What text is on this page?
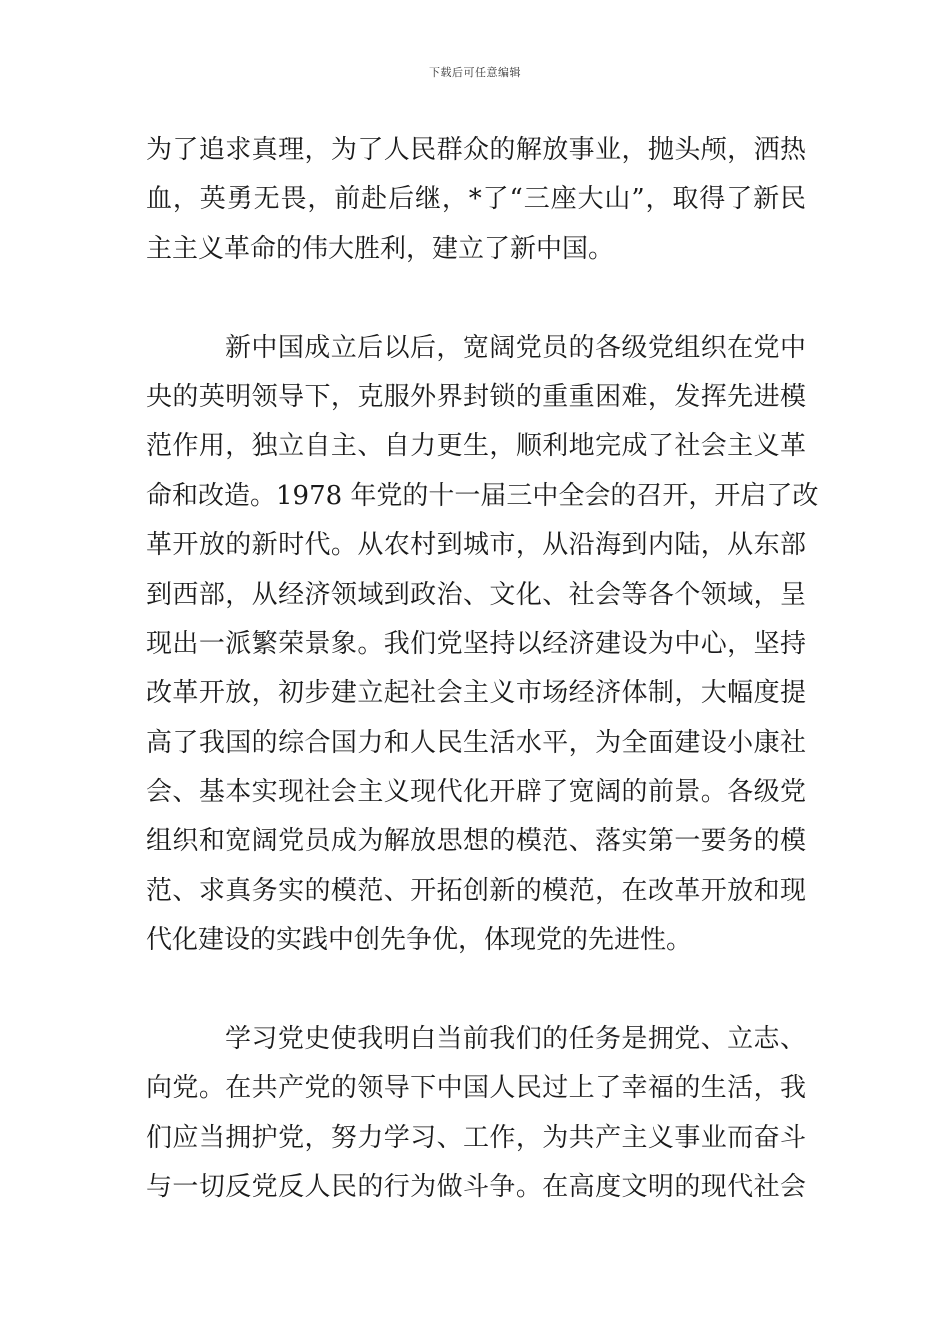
下载后可任意编辑
为了追求真理，为了人民群众的解放事业，抛头颅，洒热
血，英勇无畏，前赴后继，*了“三座大山”，取得了新民
主主义革命的伟大胜利，建立了新中国。
新中国成立后以后，宽阔党员的各级党组织在党中
央的英明领导下，克服外界封锁的重重困难，发挥先进模
范作用，独立自主、自力更生，顺利地完成了社会主义革
命和改造。1978 年党的十一届三中全会的召开，开启了改
革开放的新时代。从农村到城市，从沿海到内陆，从东部
到西部，从经济领域到政治、文化、社会等各个领域，呈
现出一派繁荣景象。我们党坚持以经济建设为中心，坚持
改革开放，初步建立起社会主义市场经济体制，大幅度提
高了我国的综合国力和人民生活水平，为全面建设小康社
会、基本实现社会主义现代化开辟了宽阔的前景。各级党
组织和宽阔党员成为解放思想的模范、落实第一要务的模
范、求真务实的模范、开拓创新的模范，在改革开放和现
代化建设的实践中创先争优，体现党的先进性。
学习党史使我明白当前我们的任务是拥党、立志、
向党。在共产党的领导下中国人民过上了幸福的生活，我
们应当拥护党，努力学习、工作，为共产主义事业而奋斗
与一切反党反人民的行为做斗争。在高度文明的现代社会
